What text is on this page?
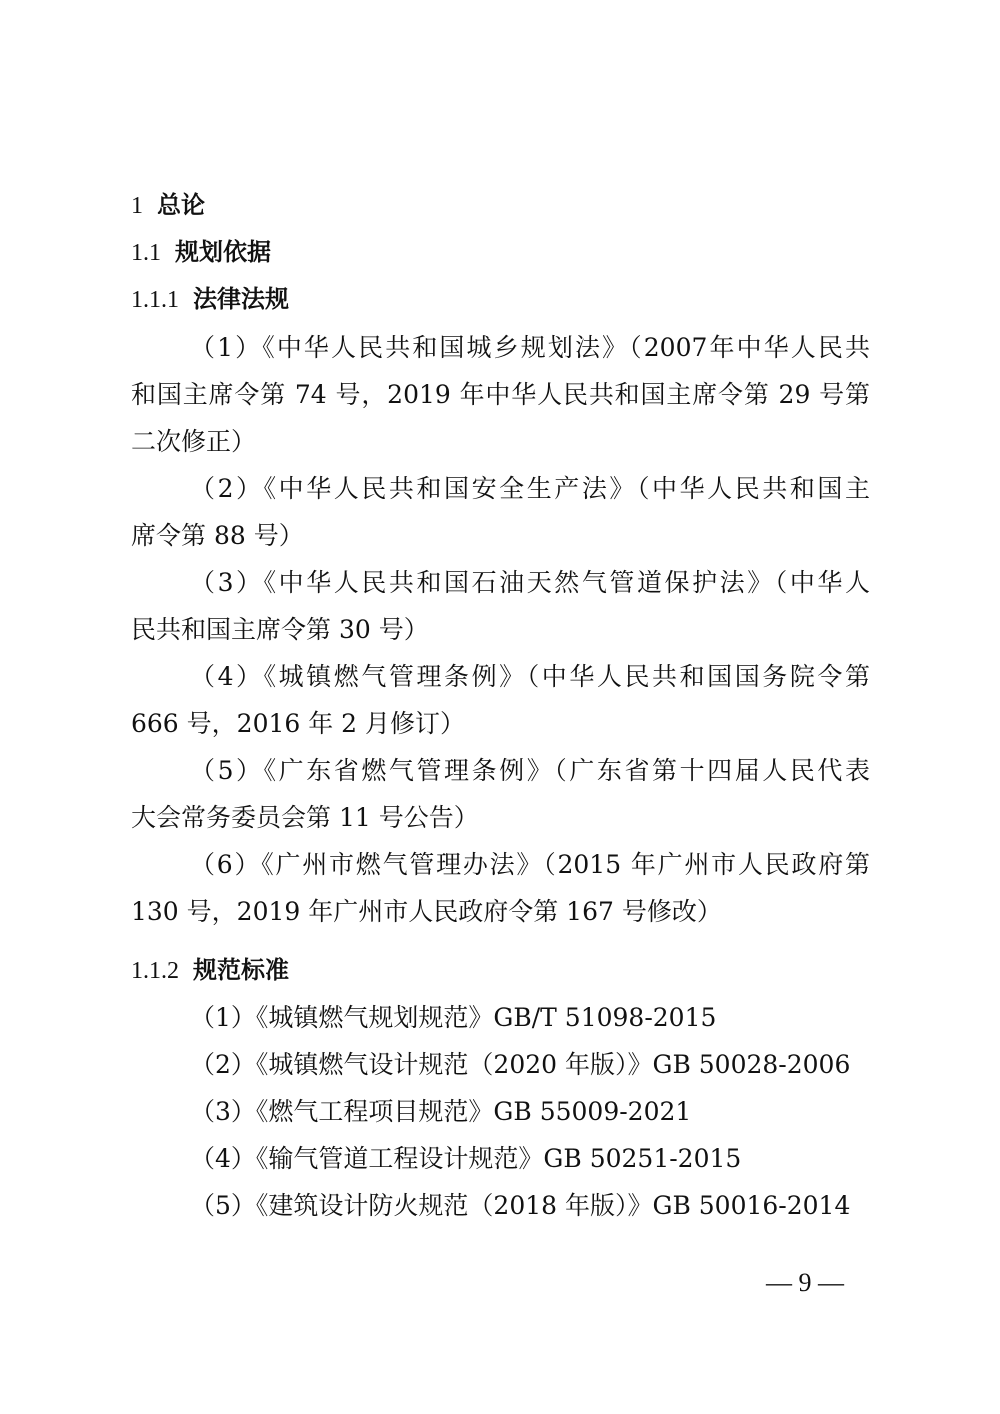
1 总论
1.1 规划依据
1.1.1 法律法规
（1）《中华人民共和国城乡规划法》（2007年中华人民共
和国主席令第 74 号，2019 年中华人民共和国主席令第 29 号第
二次修正）
（2）《中华人民共和国安全生产法》（中华人民共和国主
席令第 88 号）
（3）《中华人民共和国石油天然气管道保护法》（中华人
民共和国主席令第 30 号）
（4）《城镇燃气管理条例》（中华人民共和国国务院令第
666 号，2016 年 2 月修订）
（5）《广东省燃气管理条例》（广东省第十四届人民代表
大会常务委员会第 11 号公告）
（6）《广州市燃气管理办法》（2015 年广州市人民政府第
130 号，2019 年广州市人民政府令第 167 号修改）
1.1.2 规范标准
（1）《城镇燃气规划规范》GB/T 51098-2015
（2）《城镇燃气设计规范（2020 年版）》GB 50028-2006
（3）《燃气工程项目规范》GB 55009-2021
（4）《输气管道工程设计规范》GB 50251-2015
（5）《建筑设计防火规范（2018 年版）》GB 50016-2014
— 9 —
